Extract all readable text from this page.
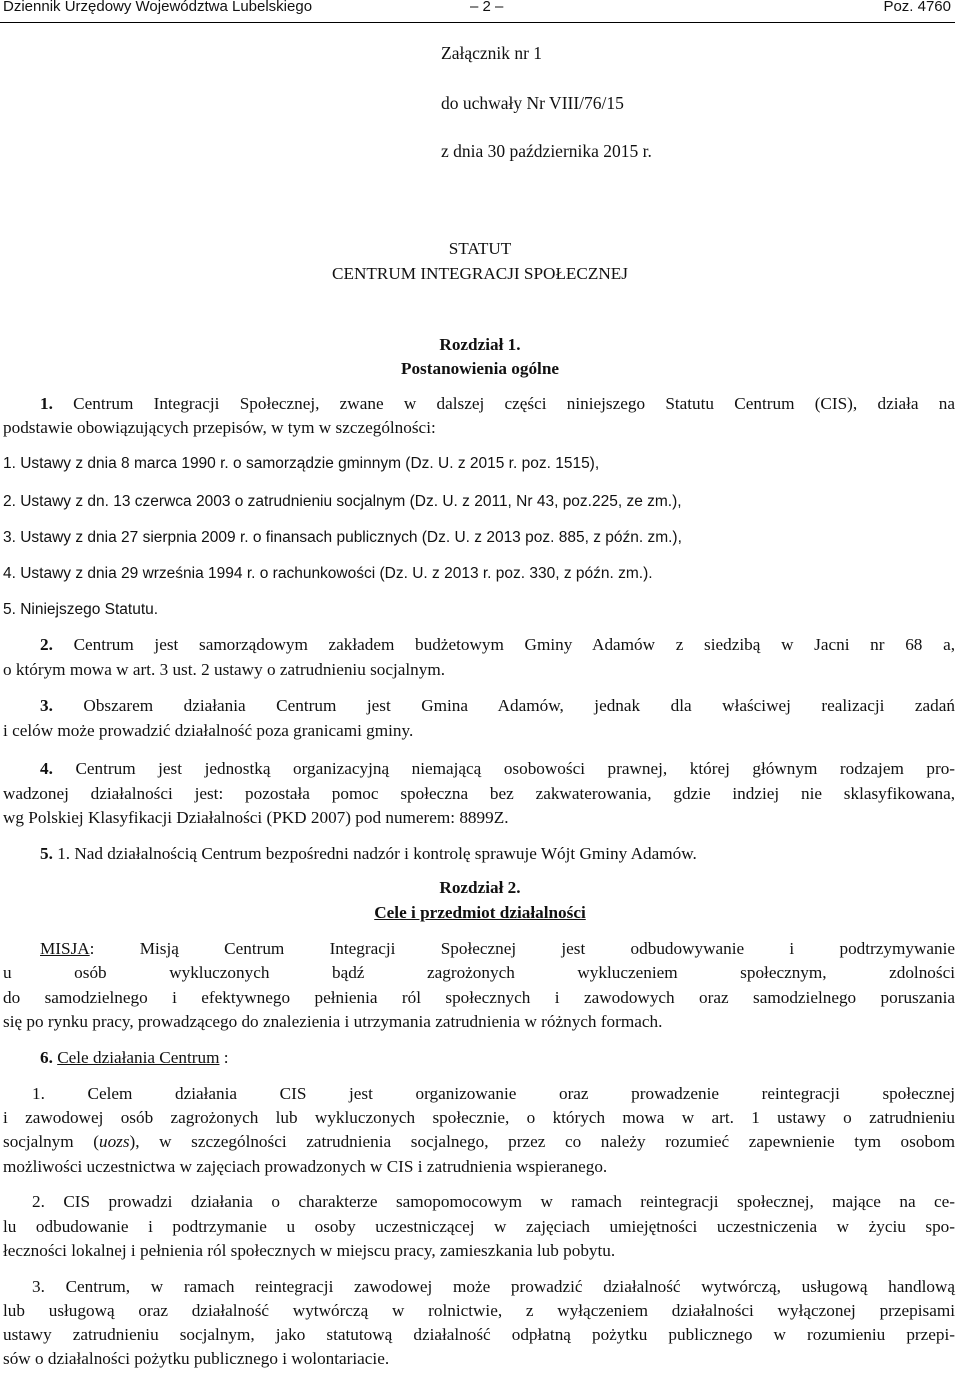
Dziennik Urzędowy Województwa Lubelskiego	– 2 –	Poz. 4760
Załącznik nr 1
do uchwały Nr VIII/76/15
z dnia 30 października 2015 r.
STATUT
CENTRUM INTEGRACJI SPOŁECZNEJ
Rozdział 1.
Postanowienia ogólne
1. Centrum Integracji Społecznej, zwane w dalszej części niniejszego Statutu Centrum (CIS), działa na
podstawie obowiązujących przepisów, w tym w szczególności:
1. Ustawy z dnia 8 marca 1990 r. o samorządzie gminnym (Dz. U. z 2015 r. poz. 1515),
2. Ustawy z dn. 13 czerwca 2003 o zatrudnieniu socjalnym (Dz. U. z 2011, Nr 43, poz.225, ze zm.),
3. Ustawy z dnia 27 sierpnia 2009 r. o finansach publicznych (Dz. U. z 2013 poz. 885, z późn. zm.),
4. Ustawy z dnia 29 września 1994 r. o rachunkowości (Dz. U. z 2013 r. poz. 330, z późn. zm.).
5. Niniejszego Statutu.
2. Centrum jest samorządowym zakładem budżetowym Gminy Adamów z siedzibą w Jacni nr 68 a,
o którym mowa w art. 3 ust. 2 ustawy o zatrudnieniu socjalnym.
3. Obszarem działania Centrum jest Gmina Adamów, jednak dla właściwej realizacji zadań
i celów może prowadzić działalność poza granicami gminy.
4. Centrum jest jednostką organizacyjną niemającą osobowości prawnej, której głównym rodzajem pro-
wadzonej działalności jest: pozostała pomoc społeczna bez zakwaterowania, gdzie indziej nie sklasyfikowana,
wg Polskiej Klasyfikacji Działalności (PKD 2007) pod numerem: 8899Z.
5. 1. Nad działalnością Centrum bezpośredni nadzór i kontrolę sprawuje Wójt Gminy Adamów.
Rozdział 2.
Cele i przedmiot działalności
MISJA: Misją Centrum Integracji Społecznej jest odbudowywanie i podtrzymywanie
u osób wykluczonych bądź zagrożonych wykluczeniem społecznym, zdolności
do samodzielnego i efektywnego pełnienia ról społecznych i zawodowych oraz samodzielnego poruszania
się po rynku pracy, prowadzącego do znalezienia i utrzymania zatrudnienia w różnych formach.
6. Cele działania Centrum :
1. Celem działania CIS jest organizowanie oraz prowadzenie reintegracji społecznej
i zawodowej osób zagrożonych lub wykluczonych społecznie, o których mowa w art. 1 ustawy o zatrudnieniu
socjalnym (uozs), w szczególności zatrudnienia socjalnego, przez co należy rozumieć zapewnienie tym osobom
możliwości uczestnictwa w zajęciach prowadzonych w CIS i zatrudnienia wspieranego.
2. CIS prowadzi działania o charakterze samopomocowym w ramach reintegracji społecznej, mające na ce-
lu odbudowanie i podtrzymanie u osoby uczestniczącej w zajęciach umiejętności uczestniczenia w życiu spo-
łeczności lokalnej i pełnienia ról społecznych w miejscu pracy, zamieszkania lub pobytu.
3. Centrum, w ramach reintegracji zawodowej może prowadzić działalność wytwórczą, usługową handlową
lub usługową oraz działalność wytwórczą w rolnictwie, z wyłączeniem działalności wyłączonej przepisami
ustawy zatrudnieniu socjalnym, jako statutową działalność odpłatną pożytku publicznego w rozumieniu przepi-
sów o działalności pożytku publicznego i wolontariacie.
